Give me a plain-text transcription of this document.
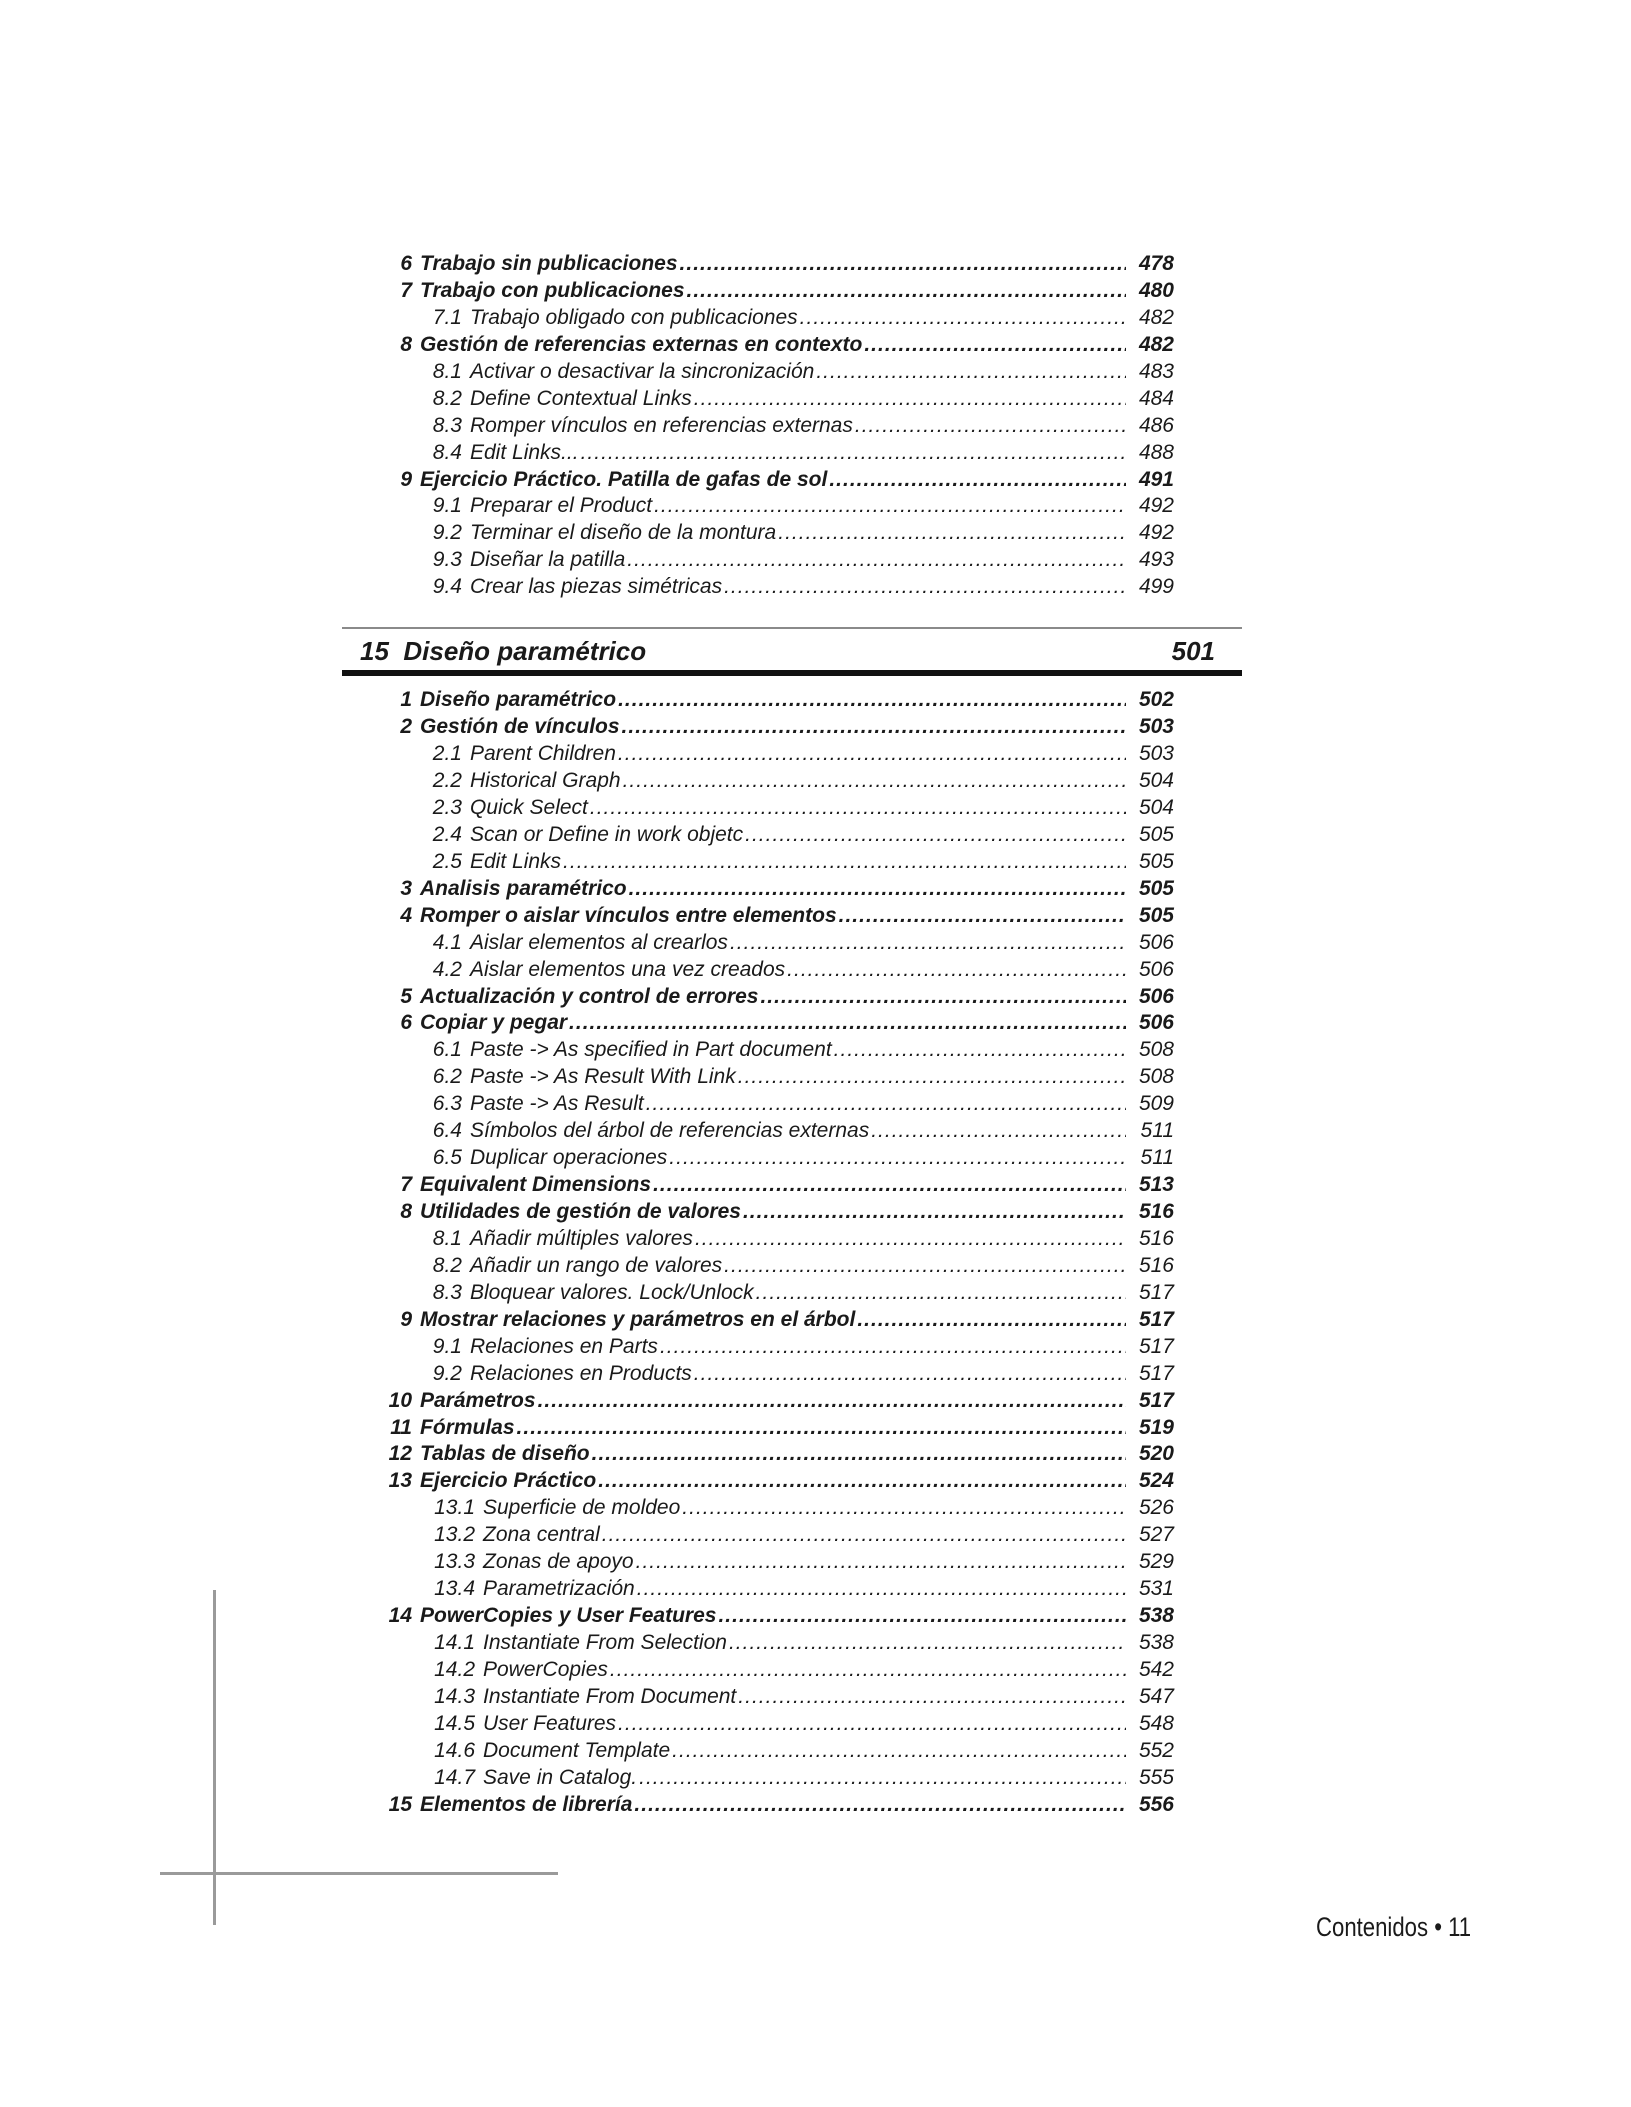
6 Trabajo sin publicaciones .....	478
7 Trabajo con publicaciones .....	480
7.1 Trabajo obligado con publicaciones .....	482
8 Gestión de referencias externas en contexto .....	482
8.1 Activar o desactivar la sincronización .....	483
8.2 Define Contextual Links .....	484
8.3 Romper vínculos en referencias externas .....	486
8.4 Edit Links... .....	488
9 Ejercicio Práctico. Patilla de gafas de sol .....	491
9.1 Preparar el Product .....	492
9.2 Terminar el diseño de la montura .....	492
9.3 Diseñar la patilla .....	493
9.4 Crear las piezas simétricas .....	499
15 Diseño paramétrico	501
1 Diseño paramétrico .....	502
2 Gestión de vínculos .....	503
2.1 Parent Children .....	503
2.2 Historical Graph .....	504
2.3 Quick Select .....	504
2.4 Scan or Define in work objetc .....	505
2.5 Edit Links .....	505
3 Analisis paramétrico .....	505
4 Romper o aislar vínculos entre elementos .....	505
4.1 Aislar elementos al crearlos .....	506
4.2 Aislar elementos una vez creados .....	506
5 Actualización y control de errores .....	506
6 Copiar y pegar .....	506
6.1 Paste -> As specified in Part document .....	508
6.2 Paste -> As Result With Link .....	508
6.3 Paste -> As Result .....	509
6.4 Símbolos del árbol de referencias externas .....	511
6.5 Duplicar operaciones .....	511
7 Equivalent Dimensions .....	513
8 Utilidades de gestión de valores .....	516
8.1 Añadir múltiples valores .....	516
8.2 Añadir un rango de valores .....	516
8.3 Bloquear valores. Lock/Unlock .....	517
9 Mostrar relaciones y parámetros en el árbol .....	517
9.1 Relaciones en Parts .....	517
9.2 Relaciones en Products .....	517
10 Parámetros .....	517
11 Fórmulas .....	519
12 Tablas de diseño .....	520
13 Ejercicio Práctico .....	524
13.1 Superficie de moldeo .....	526
13.2 Zona central .....	527
13.3 Zonas de apoyo .....	529
13.4 Parametrización .....	531
14 PowerCopies y User Features .....	538
14.1 Instantiate From Selection .....	538
14.2 PowerCopies .....	542
14.3 Instantiate From Document .....	547
14.5 User Features .....	548
14.6 Document Template .....	552
14.7 Save in Catalog. .....	555
15 Elementos de librería .....	556
Contenidos • 11
